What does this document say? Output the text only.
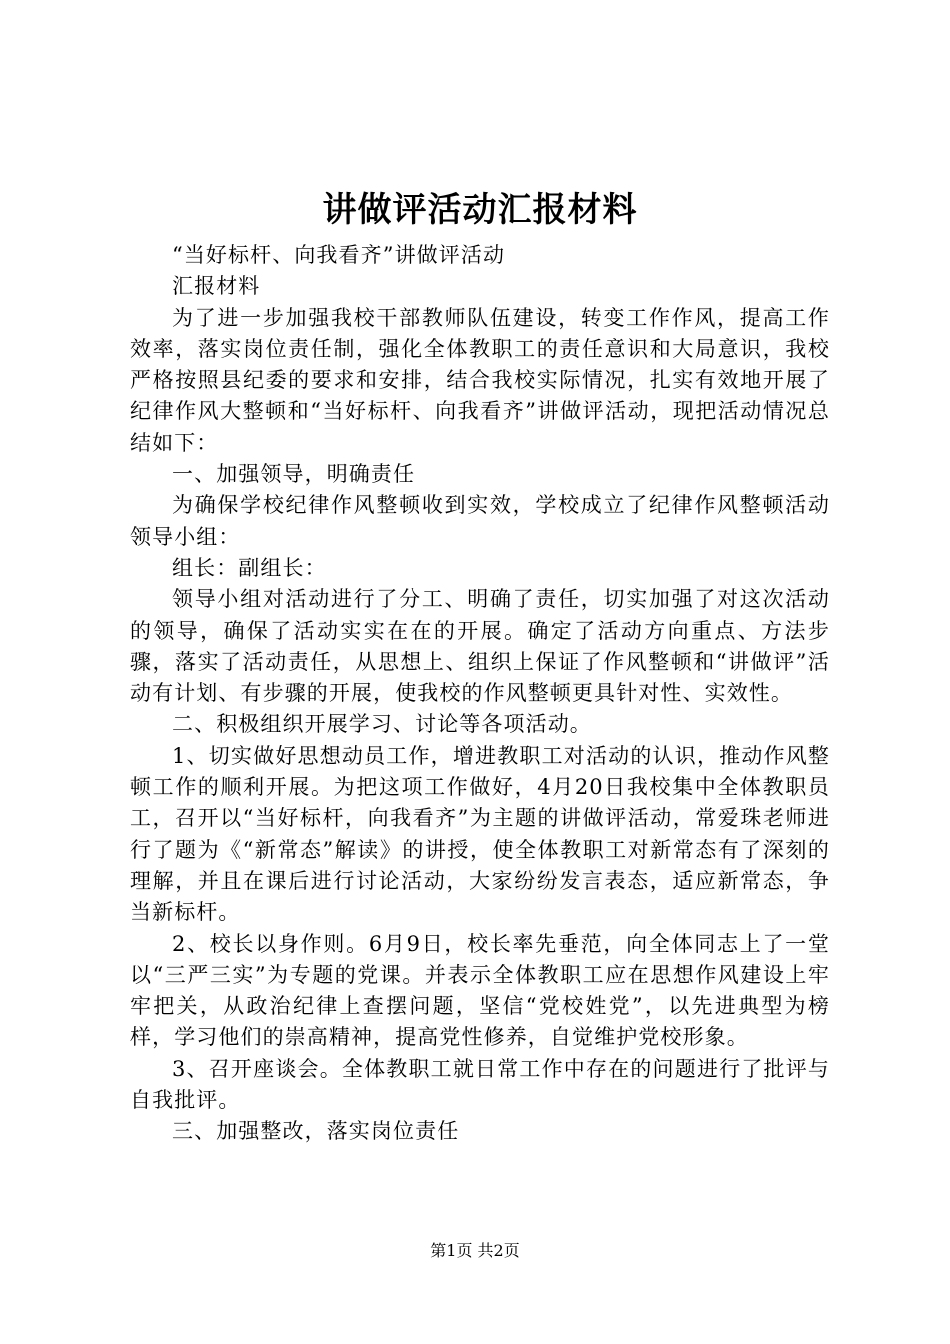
讲做评活动汇报材料

“当好标杆、向我看齐”讲做评活动

汇报材料

为了进一步加强我校干部教师队伍建设，转变工作作风，提高工作效率，落实岗位责任制，强化全体教职工的责任意识和大局意识，我校严格按照县纪委的要求和安排，结合我校实际情况，扎实有效地开展了纪律作风大整顿和“当好标杆、向我看齐”讲做评活动，现把活动情况总结如下：

一、加强领导，明确责任

为确保学校纪律作风整顿收到实效，学校成立了纪律作风整顿活动领导小组：

组长：副组长：

领导小组对活动进行了分工、明确了责任，切实加强了对这次活动的领导，确保了活动实实在在的开展。确定了活动方向重点、方法步骤，落实了活动责任，从思想上、组织上保证了作风整顿和“讲做评”活动有计划、有步骤的开展，使我校的作风整顿更具针对性、实效性。

二、积极组织开展学习、讨论等各项活动。

1、切实做好思想动员工作，增进教职工对活动的认识，推动作风整顿工作的顺利开展。为把这项工作做好，4月20日我校集中全体教职员工，召开以“当好标杆，向我看齐”为主题的讲做评活动，常爱珠老师进行了题为《“新常态”解读》的讲授，使全体教职工对新常态有了深刻的理解，并且在课后进行讨论活动，大家纷纷发言表态，适应新常态，争当新标杆。

2、校长以身作则。6月9日，校长率先垂范，向全体同志上了一堂以“三严三实”为专题的党课。并表示全体教职工应在思想作风建设上牢牢把关，从政治纪律上查摆问题，坚信“党校姓党”，以先进典型为榜样，学习他们的崇高精神，提高党性修养，自觉维护党校形象。

3、召开座谈会。全体教职工就日常工作中存在的问题进行了批评与自我批评。

三、加强整改，落实岗位责任

第1页 共2页
